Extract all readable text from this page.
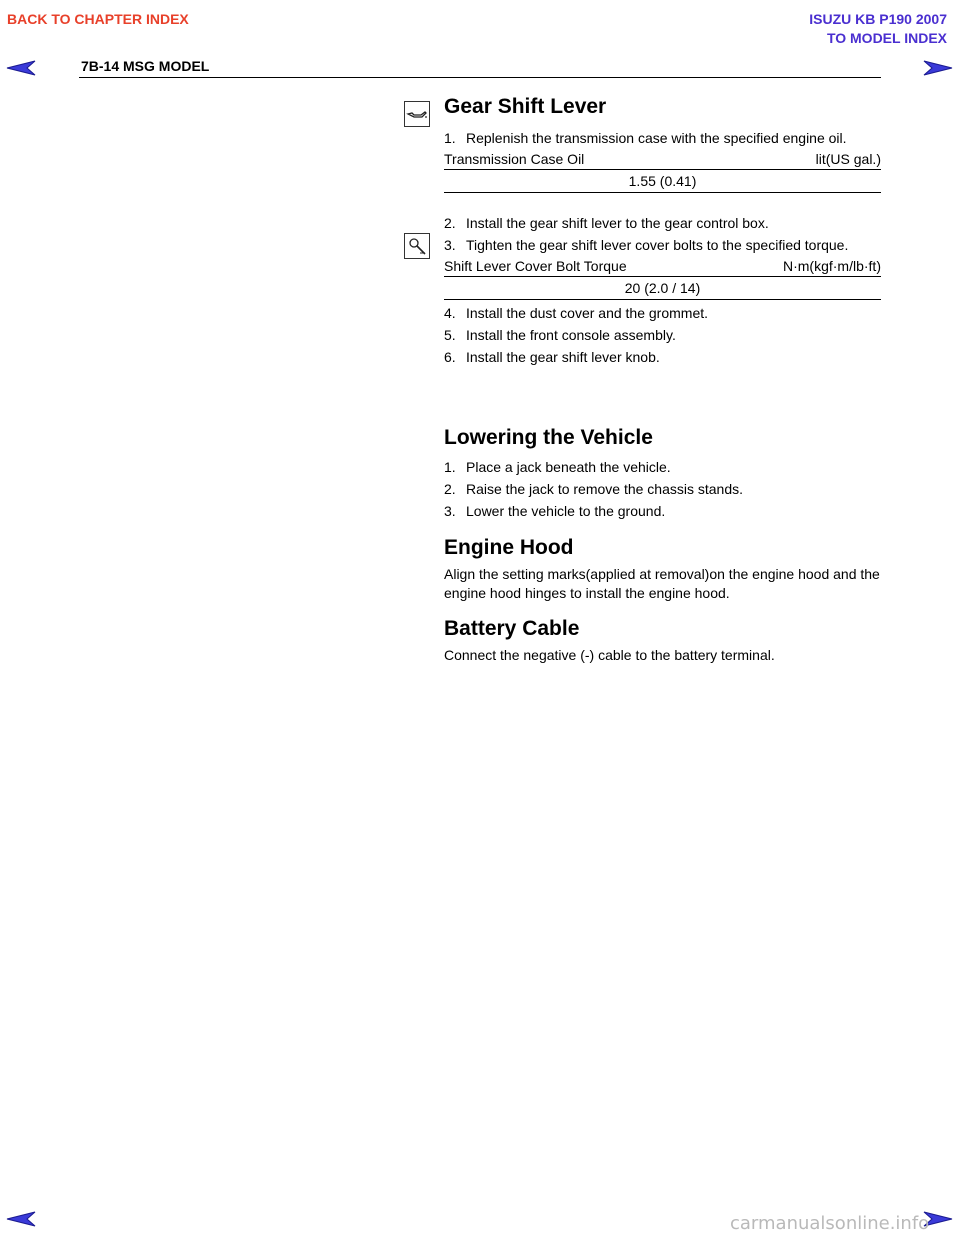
BACK TO CHAPTER INDEX	ISUZU KB P190 2007
TO MODEL INDEX
7B-14 MSG MODEL
Gear Shift Lever
1. Replenish the transmission case with the specified engine oil.
Transmission Case Oil	lit(US gal.)
1.55 (0.41)
2. Install the gear shift lever to the gear control box.
3. Tighten the gear shift lever cover bolts to the specified torque.
Shift Lever Cover Bolt Torque	N·m(kgf·m/lb·ft)
20 (2.0 / 14)
4. Install the dust cover and the grommet.
5. Install the front console assembly.
6. Install the gear shift lever knob.
Lowering the Vehicle
1. Place a jack beneath the vehicle.
2. Raise the jack to remove the chassis stands.
3. Lower the vehicle to the ground.
Engine Hood
Align the setting marks(applied at removal)on the engine hood and the engine hood hinges to install the engine hood.
Battery Cable
Connect the negative (-) cable to the battery terminal.
carmanualsonline.info
